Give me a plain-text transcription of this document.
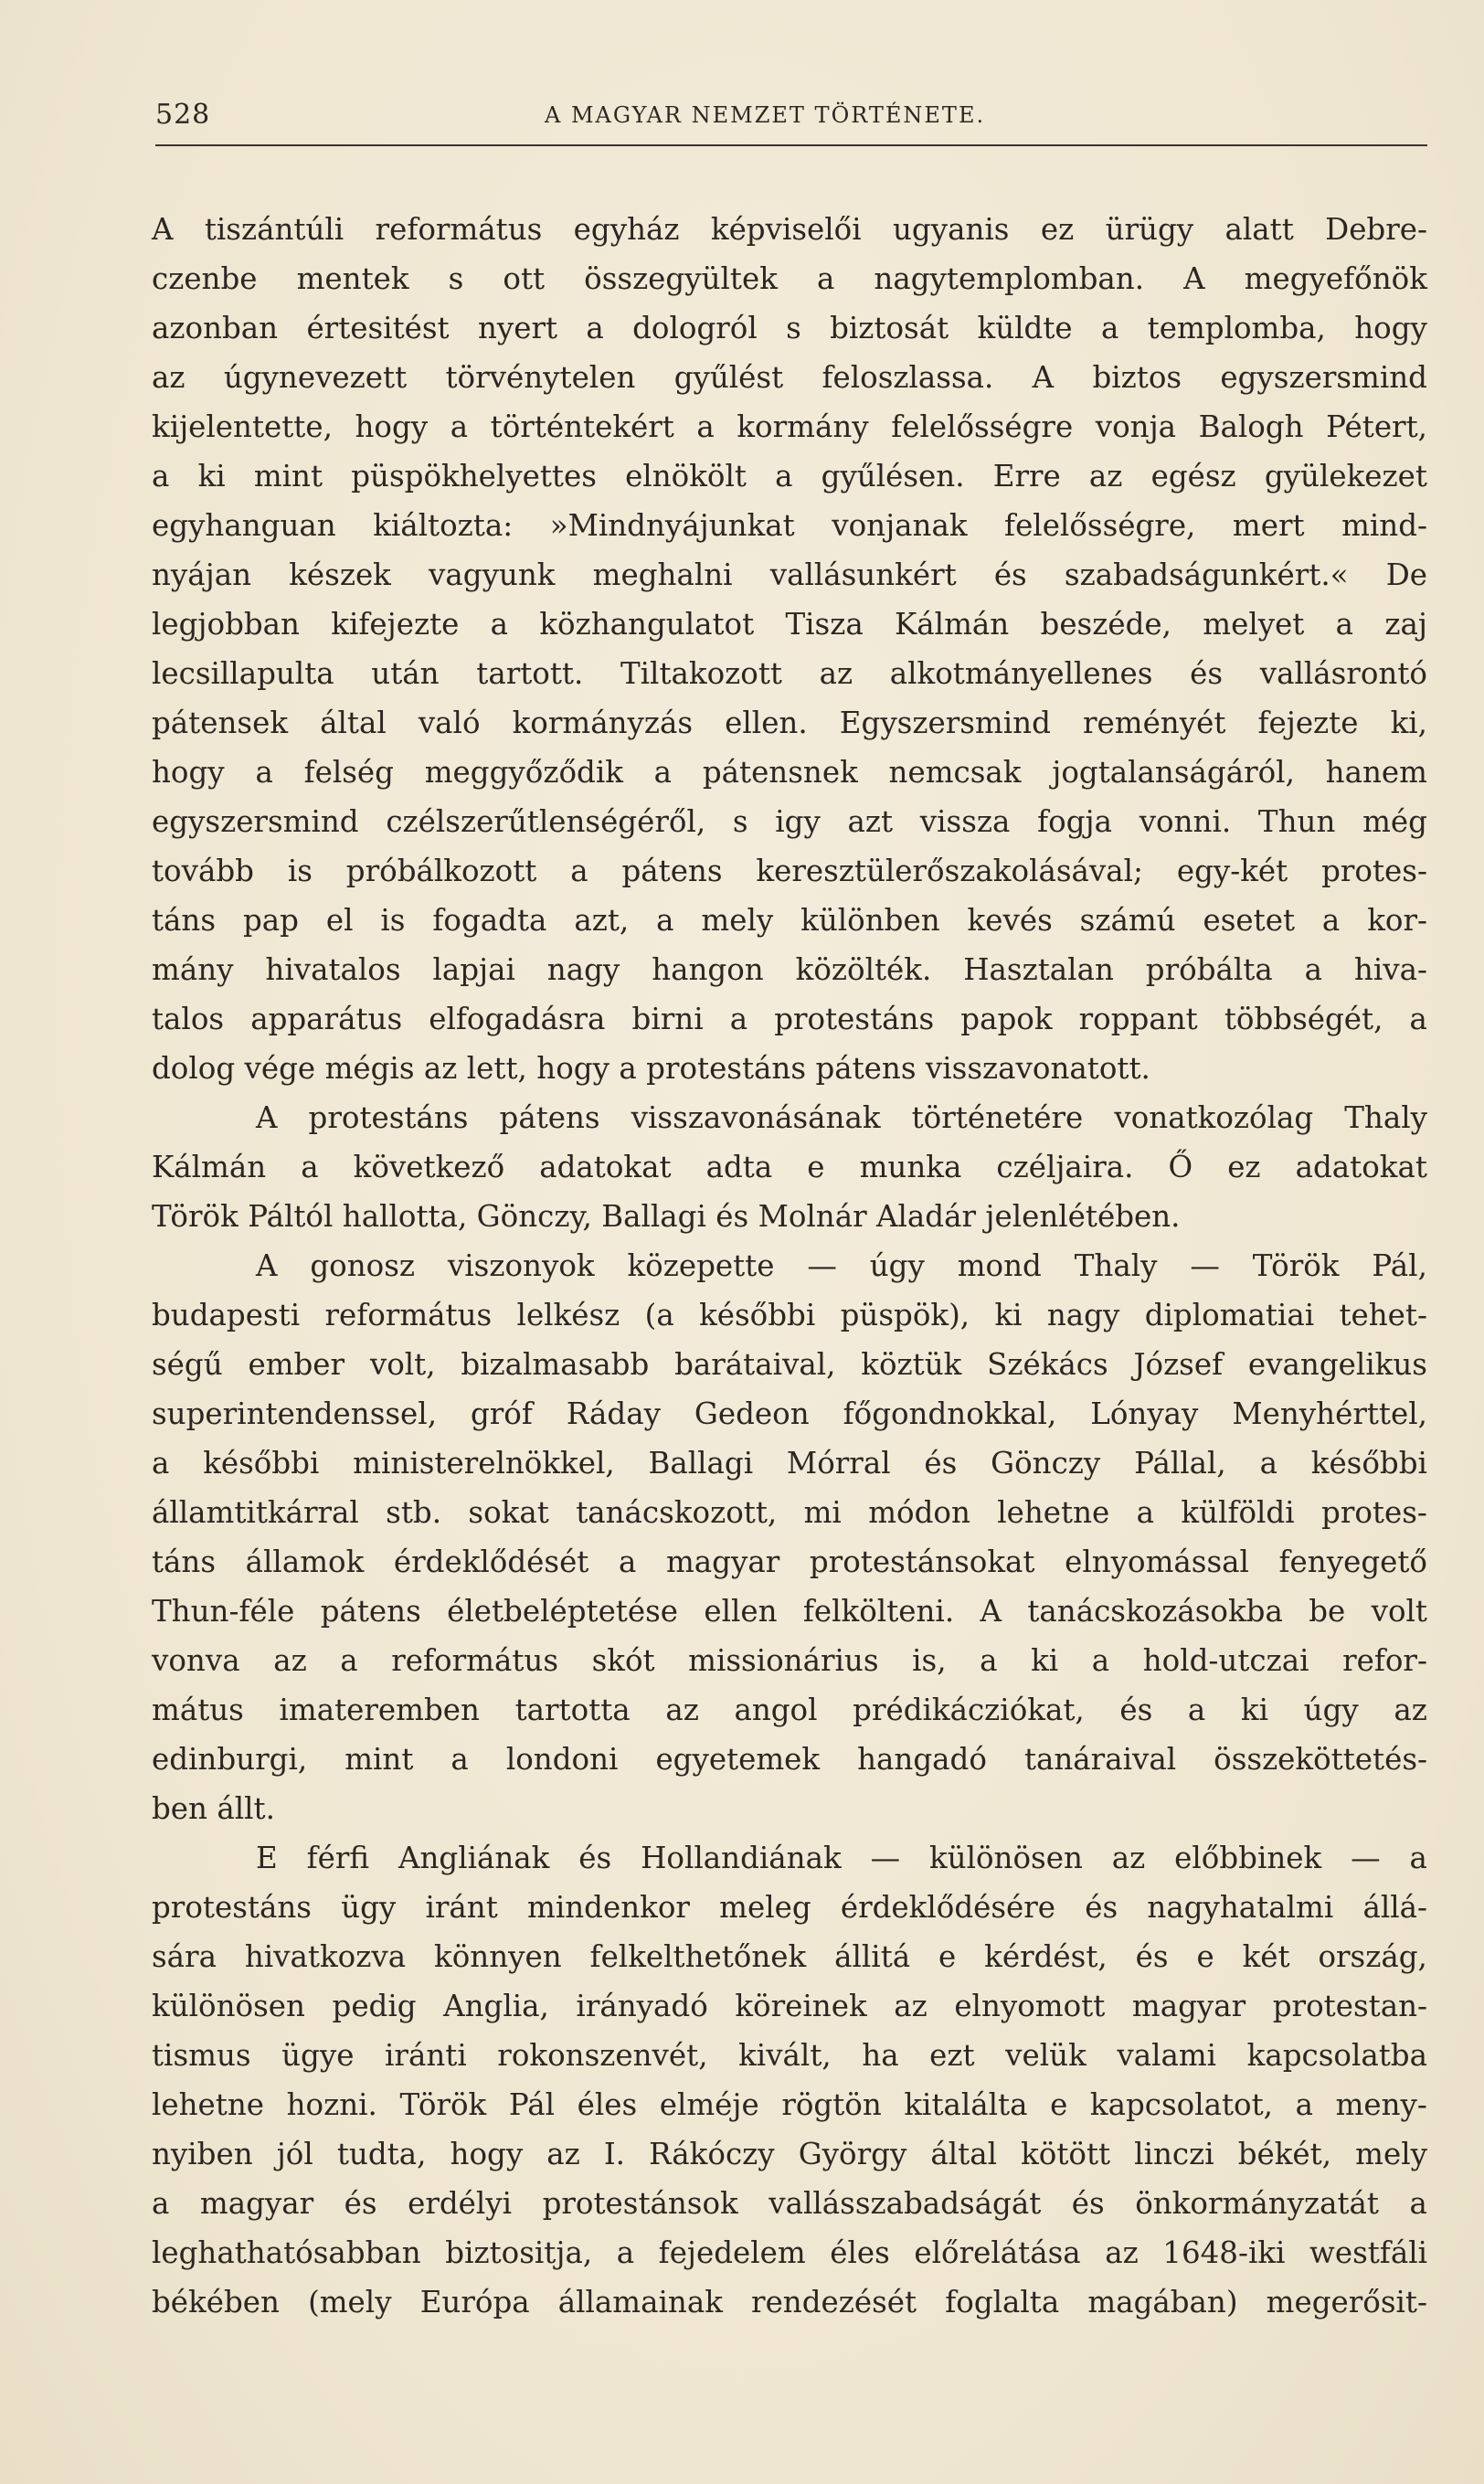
528	A MAGYAR NEMZET TÖRTÉNETE.
A tiszántúli református egyház képviselői ugyanis ez ürügy alatt Debre-
czenbe mentek s ott összegyültek a nagytemplomban. A megyefőnök
azonban értesitést nyert a dologról s biztosát küldte a templomba, hogy
az úgynevezett törvénytelen gyűlést feloszlassa. A biztos egyszersmind
kijelentette, hogy a történtekért a kormány felelősségre vonja Balogh Pétert,
a ki mint püspökhelyettes elnökölt a gyűlésen. Erre az egész gyülekezet
egyhanguan kiáltozta: »Mindnyájunkat vonjanak felelősségre, mert mind-
nyájan készek vagyunk meghalni vallásunkért és szabadságunkért.« De
legjobban kifejezte a közhangulatot Tisza Kálmán beszéde, melyet a zaj
lecsillapulta után tartott. Tiltakozott az alkotmányellenes és vallásrontó
pátensek által való kormányzás ellen. Egyszersmind reményét fejezte ki,
hogy a felség meggyőződik a pátensnek nemcsak jogtalanságáról, hanem
egyszersmind czélszerűtlenségéről, s igy azt vissza fogja vonni. Thun még
tovább is próbálkozott a pátens keresztülerőszakolásával; egy-két protes-
táns pap el is fogadta azt, a mely különben kevés számú esetet a kor-
mány hivatalos lapjai nagy hangon közölték. Hasztalan próbálta a hiva-
talos apparátus elfogadásra birni a protestáns papok roppant többségét, a
dolog vége mégis az lett, hogy a protestáns pátens visszavonatott.
A protestáns pátens visszavonásának történetére vonatkozólag Thaly
Kálmán a következő adatokat adta e munka czéljaira. Ő ez adatokat
Török Páltól hallotta, Gönczy, Ballagi és Molnár Aladár jelenlétében.
A gonosz viszonyok közepette — úgy mond Thaly — Török Pál,
budapesti református lelkész (a későbbi püspök), ki nagy diplomatiai tehet-
ségű ember volt, bizalmasabb barátaival, köztük Székács József evangelikus
superintendenssel, gróf Ráday Gedeon főgondnokkal, Lónyay Menyhérttel,
a későbbi ministerelnökkel, Ballagi Mórral és Gönczy Pállal, a későbbi
államtitkárral stb. sokat tanácskozott, mi módon lehetne a külföldi protes-
táns államok érdeklődését a magyar protestánsokat elnyomással fenyegető
Thun-féle pátens életbeléptetése ellen felkölteni. A tanácskozásokba be volt
vonva az a református skót missionárius is, a ki a hold-utczai refor-
mátus imateremben tartotta az angol prédikácziókat, és a ki úgy az
edinburgi, mint a londoni egyetemek hangadó tanáraival összeköttetés-
ben állt.
E férfi Angliának és Hollandiának — különösen az előbbinek — a
protestáns ügy iránt mindenkor meleg érdeklődésére és nagyhatalmi állá-
sára hivatkozva könnyen felkelthetőnek állitá e kérdést, és e két ország,
különösen pedig Anglia, irányadó köreinek az elnyomott magyar protestan-
tismus ügye iránti rokonszenvét, kivált, ha ezt velük valami kapcsolatba
lehetne hozni. Török Pál éles elméje rögtön kitalálta e kapcsolatot, a meny-
nyiben jól tudta, hogy az I. Rákóczy György által kötött linczi békét, mely
a magyar és erdélyi protestánsok vallásszabadságát és önkormányzatát a
leghathatósabban biztositja, a fejedelem éles előrelátása az 1648-iki westfáli
békében (mely Európa államainak rendezését foglalta magában) megerősit-
